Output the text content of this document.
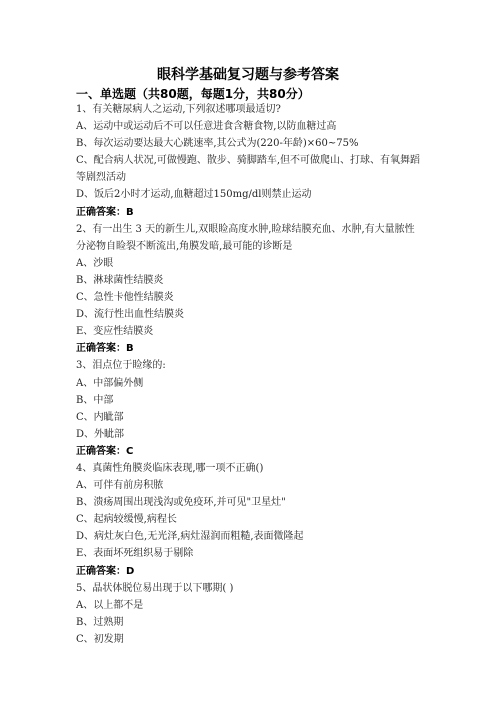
眼科学基础复习题与参考答案
一、单选题（共80题，每题1分，共80分）
1、有关糖尿病人之运动,下列叙述哪项最适切?
A、运动中或运动后不可以任意进食含糖食物,以防血糖过高
B、每次运动要达最大心跳速率,其公式为(220-年龄)×60~75%
C、配合病人状况,可做慢跑、散步、骑脚踏车,但不可做爬山、打球、有氧舞蹈等剧烈活动
D、饭后2小时才运动,血糖超过150mg/dl则禁止运动
正确答案：B
2、有一出生 3 天的新生儿,双眼睑高度水肿,睑球结膜充血、水肿,有大量脓性分泌物自睑裂不断流出,角膜发暗,最可能的诊断是
A、沙眼
B、淋球菌性结膜炎
C、急性卡他性结膜炎
D、流行性出血性结膜炎
E、变应性结膜炎
正确答案：B
3、泪点位于睑缘的:
A、中部偏外侧
B、中部
C、内眦部
D、外眦部
正确答案：C
4、真菌性角膜炎临床表现,哪一项不正确()
A、可伴有前房积脓
B、溃疡周围出现浅沟或免疫环,并可见"卫星灶"
C、起病较缓慢,病程长
D、病灶灰白色,无光泽,病灶湿润而粗糙,表面微隆起
E、表面坏死组织易于剔除
正确答案：D
5、晶状体脱位易出现于以下哪期( )
A、以上都不是
B、过熟期
C、初发期
